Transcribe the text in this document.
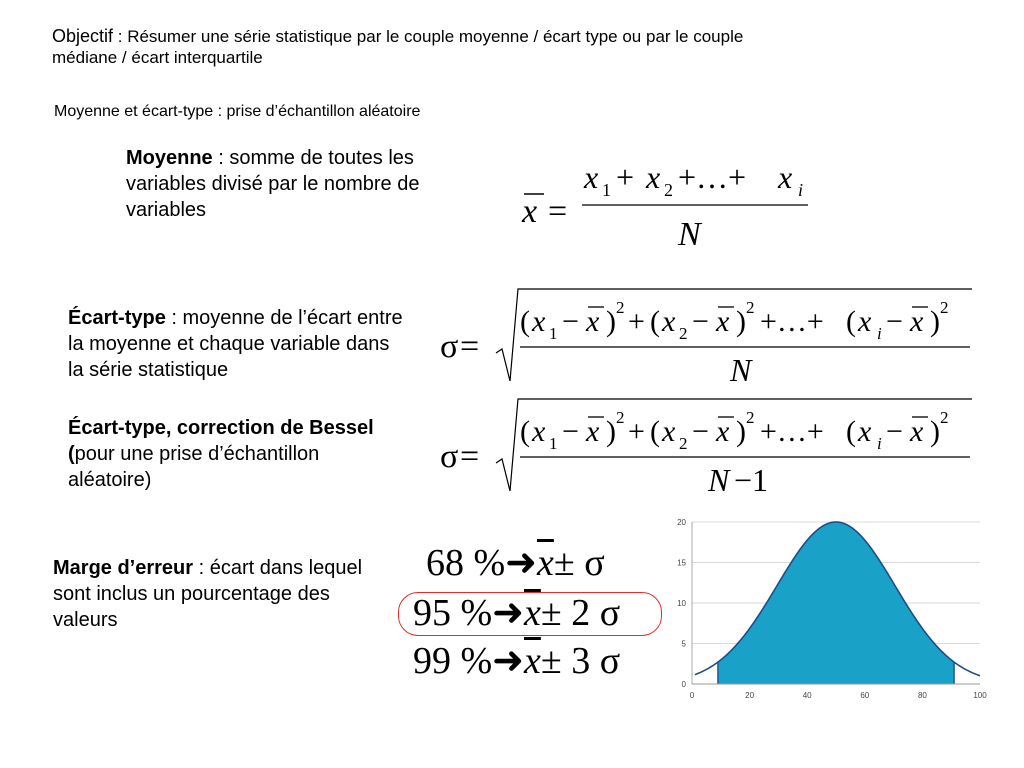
Objectif : Résumer une série statistique par le couple moyenne / écart type ou par le couple médiane / écart interquartile
Moyenne et écart-type : prise d’échantillon aléatoire
Moyenne : somme de toutes les variables divisé par le nombre de variables	x =
x 1 + x 2 +…+ x i
N
Écart-type : moyenne de l’écart entre la moyenne et chaque variable dans la série statistique
σ =
( x 1 − x ) 2 + ( x 2 − x ) 2 +…+ ( x i − x ) 2
N
Écart-type, correction de Bessel (pour une prise d’échantillon aléatoire)
σ =
( x 1 − x ) 2 + ( x 2 − x ) 2 +…+ ( x i − x ) 2
N −1
Marge d’erreur : écart dans lequel sont inclus un pourcentage des valeurs
68 $\%➜\overline{x}\pm \sigma$
95 $\%➜\overline{x}\pm 2$ σ
99 $\%➜\overline{x}\pm 3$ σ
0
5
10
15
20
0	20	40	60	80	100
